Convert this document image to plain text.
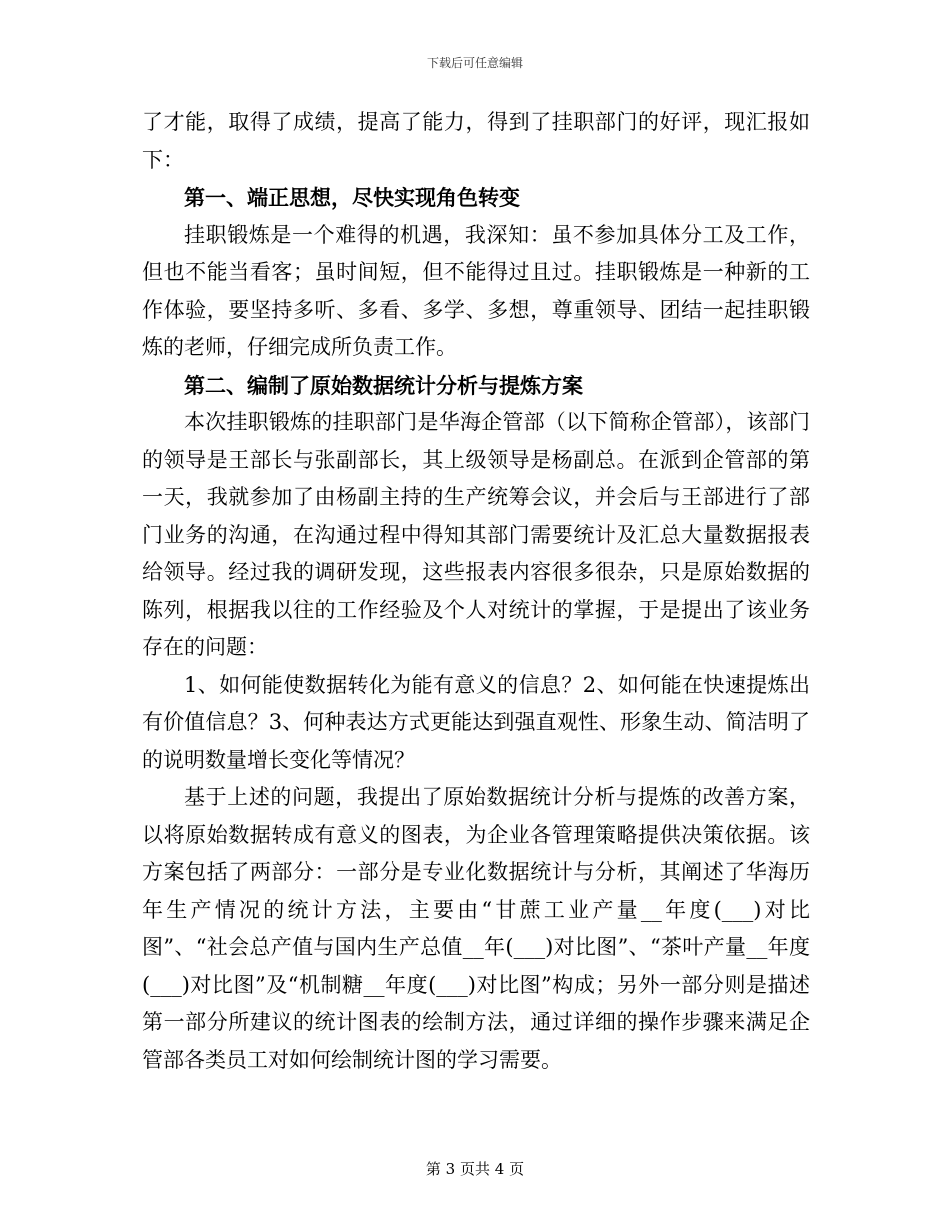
下载后可任意编辑

了才能，取得了成绩，提高了能力，得到了挂职部门的好评，现汇报如下：

第一、端正思想，尽快实现角色转变

挂职锻炼是一个难得的机遇，我深知：虽不参加具体分工及工作，但也不能当看客；虽时间短，但不能得过且过。挂职锻炼是一种新的工作体验，要坚持多听、多看、多学、多想，尊重领导、团结一起挂职锻炼的老师，仔细完成所负责工作。

第二、编制了原始数据统计分析与提炼方案

本次挂职锻炼的挂职部门是华海企管部（以下简称企管部），该部门的领导是王部长与张副部长，其上级领导是杨副总。在派到企管部的第一天，我就参加了由杨副主持的生产统筹会议，并会后与王部进行了部门业务的沟通，在沟通过程中得知其部门需要统计及汇总大量数据报表给领导。经过我的调研发现，这些报表内容很多很杂，只是原始数据的陈列，根据我以往的工作经验及个人对统计的掌握，于是提出了该业务存在的问题：

1、如何能使数据转化为能有意义的信息？2、如何能在快速提炼出有价值信息？3、何种表达方式更能达到强直观性、形象生动、简洁明了的说明数量增长变化等情况？

基于上述的问题，我提出了原始数据统计分析与提炼的改善方案，以将原始数据转成有意义的图表，为企业各管理策略提供决策依据。该方案包括了两部分：一部分是专业化数据统计与分析，其阐述了华海历年生产情况的统计方法，主要由“甘蔗工业产量__年度(___)对比图”、“社会总产值与国内生产总值__年(___)对比图”、“茶叶产量__年度(___)对比图”及“机制糖__年度(___)对比图”构成；另外一部分则是描述第一部分所建议的统计图表的绘制方法，通过详细的操作步骤来满足企管部各类员工对如何绘制统计图的学习需要。

第 3 页共 4 页
